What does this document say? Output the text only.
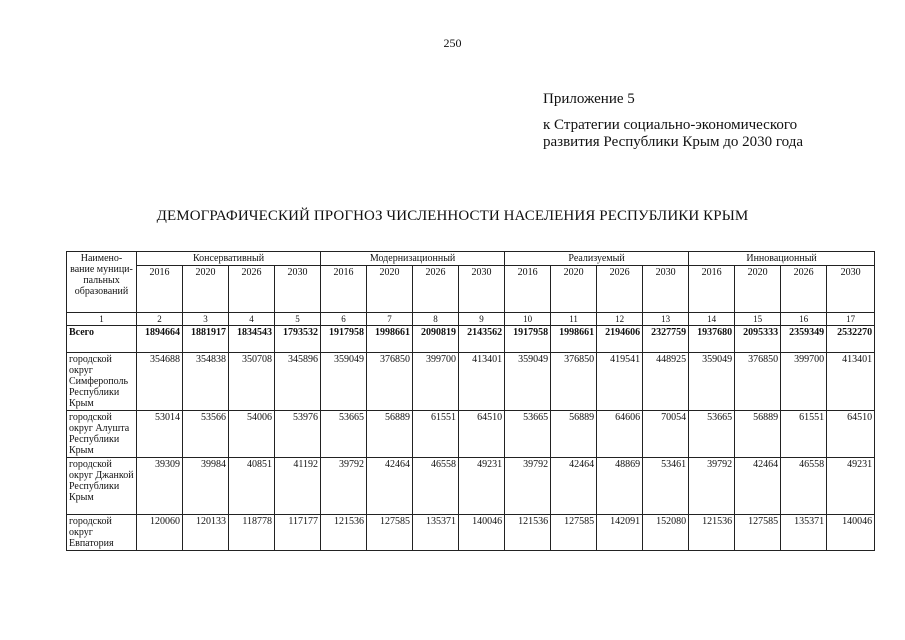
250
Приложение 5
к Стратегии социально-экономического
развития Республики Крым до 2030 года
ДЕМОГРАФИЧЕСКИЙ ПРОГНОЗ ЧИСЛЕННОСТИ НАСЕЛЕНИЯ РЕСПУБЛИКИ КРЫМ
Наимено-вание муници-пальных образований	Консервативный				Модернизационный				Реализуемый				Инновационный			
	2016	2020	2026	2030	2016	2020	2026	2030	2016	2020	2026	2030	2016	2020	2026	2030
1	2	3	4	5	6	7	8	9	10	11	12	13	14	15	16	17
Всего	1894664	1881917	1834543	1793532	1917958	1998661	2090819	2143562	1917958	1998661	2194606	2327759	1937680	2095333	2359349	2532270
городской округ Симферополь Республики Крым	354688	354838	350708	345896	359049	376850	399700	413401	359049	376850	419541	448925	359049	376850	399700	413401
городской округ Алушта Республики Крым	53014	53566	54006	53976	53665	56889	61551	64510	53665	56889	64606	70054	53665	56889	61551	64510
городской округ Джанкой Республики Крым	39309	39984	40851	41192	39792	42464	46558	49231	39792	42464	48869	53461	39792	42464	46558	49231
городской округ Евпатория	120060	120133	118778	117177	121536	127585	135371	140046	121536	127585	142091	152080	121536	127585	135371	140046
